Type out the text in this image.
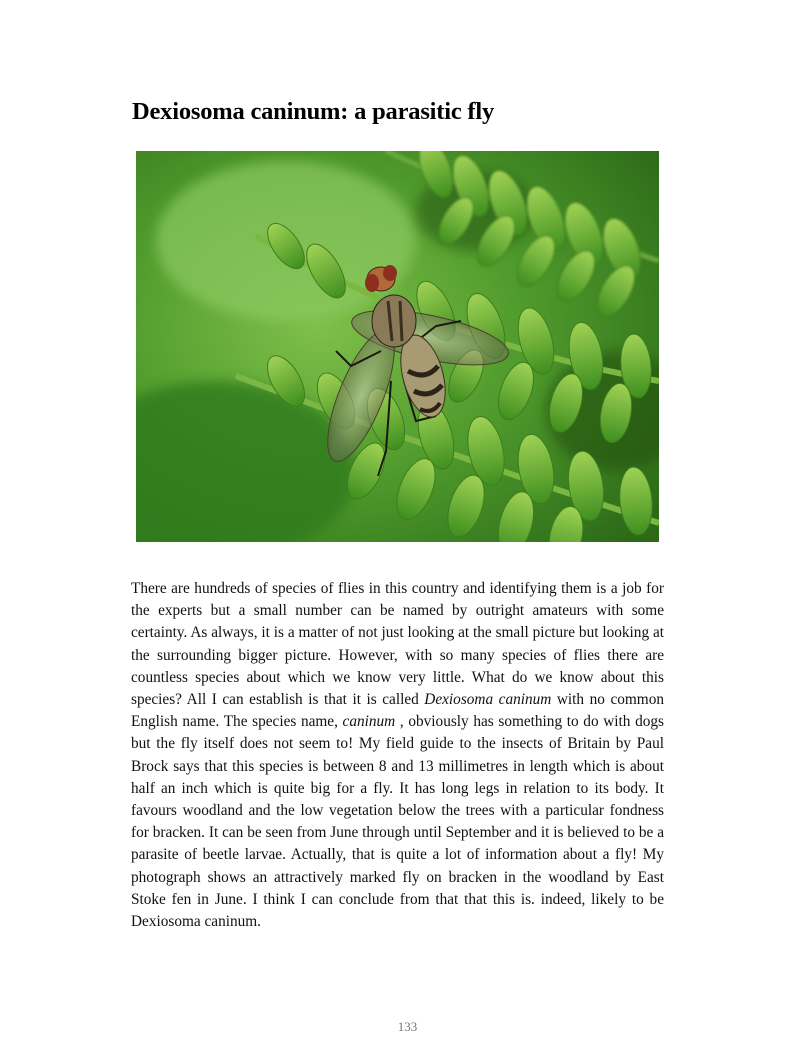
Dexiosoma caninum: a parasitic fly

There are hundreds of species of flies in this country and identifying them is a job for the experts but a small number can be named by outright amateurs with some certainty. As always, it is a matter of not just looking at the small picture but looking at the surrounding bigger picture. However, with so many species of flies there are countless species about which we know very little. What do we know about this species? All I can establish is that it is called Dexiosoma caninum with no common English name. The species name, caninum , obviously has something to do with dogs but the fly itself does not seem to! My field guide to the insects of Britain by Paul Brock says that this species is between 8 and 13 millimetres in length which is about half an inch which is quite big for a fly. It has long legs in relation to its body. It favours woodland and the low vegetation below the trees with a particular fondness for bracken. It can be seen from June through until September and it is believed to be a parasite of beetle larvae. Actually, that is quite a lot of information about a fly! My photograph shows an attractively marked fly on bracken in the woodland by East Stoke fen in June. I think I can conclude from that that this is. indeed, likely to be Dexiosoma caninum.

133
